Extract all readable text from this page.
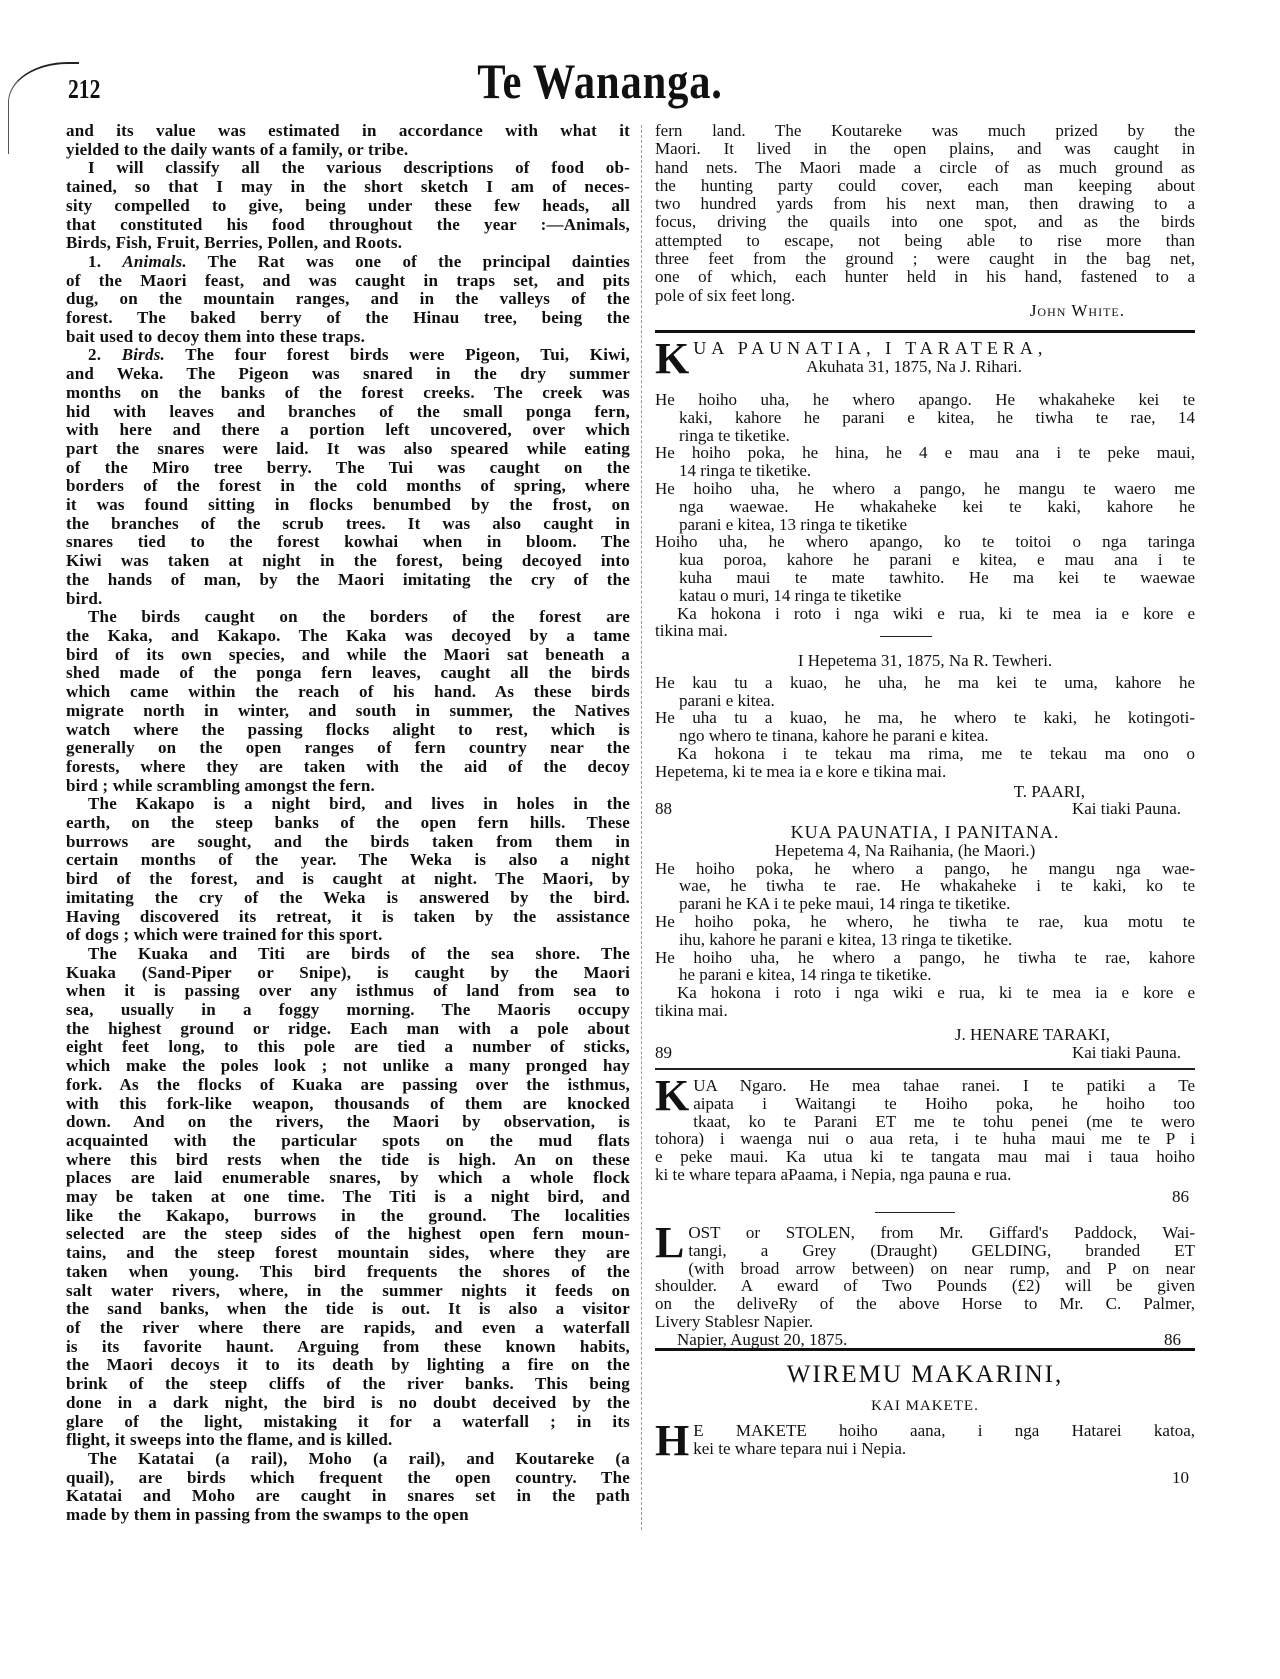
212	Te Wananga.
and its value was estimated in accordance with what it
yielded to the daily wants of a family, or tribe.
I will classify all the various descriptions of food ob-
tained, so that I may in the short sketch I am of neces-
sity compelled to give, being under these few heads, all
that constituted his food throughout the year :—Animals,
Birds, Fish, Fruit, Berries, Pollen, and Roots.
1. Animals. The Rat was one of the principal dainties
of the Maori feast, and was caught in traps set, and pits
dug, on the mountain ranges, and in the valleys of the
forest. The baked berry of the Hinau tree, being the
bait used to decoy them into these traps.
2. Birds. The four forest birds were Pigeon, Tui, Kiwi,
and Weka. The Pigeon was snared in the dry summer
months on the banks of the forest creeks. The creek was
hid with leaves and branches of the small ponga fern,
with here and there a portion left uncovered, over which
part the snares were laid. It was also speared while eating
of the Miro tree berry. The Tui was caught on the
borders of the forest in the cold months of spring, where
it was found sitting in flocks benumbed by the frost, on
the branches of the scrub trees. It was also caught in
snares tied to the forest kowhai when in bloom. The
Kiwi was taken at night in the forest, being decoyed into
the hands of man, by the Maori imitating the cry of the
bird.
The birds caught on the borders of the forest are
the Kaka, and Kakapo. The Kaka was decoyed by a tame
bird of its own species, and while the Maori sat beneath a
shed made of the ponga fern leaves, caught all the birds
which came within the reach of his hand. As these birds
migrate north in winter, and south in summer, the Natives
watch where the passing flocks alight to rest, which is
generally on the open ranges of fern country near the
forests, where they are taken with the aid of the decoy
bird ; while scrambling amongst the fern.
The Kakapo is a night bird, and lives in holes in the
earth, on the steep banks of the open fern hills. These
burrows are sought, and the birds taken from them in
certain months of the year. The Weka is also a night
bird of the forest, and is caught at night. The Maori, by
imitating the cry of the Weka is answered by the bird.
Having discovered its retreat, it is taken by the assistance
of dogs ; which were trained for this sport.
The Kuaka and Titi are birds of the sea shore. The
Kuaka (Sand-Piper or Snipe), is caught by the Maori
when it is passing over any isthmus of land from sea to
sea, usually in a foggy morning. The Maoris occupy
the highest ground or ridge. Each man with a pole about
eight feet long, to this pole are tied a number of sticks,
which make the poles look ; not unlike a many pronged hay
fork. As the flocks of Kuaka are passing over the isthmus,
with this fork-like weapon, thousands of them are knocked
down. And on the rivers, the Maori by observation, is
acquainted with the particular spots on the mud flats
where this bird rests when the tide is high. An on these
places are laid enumerable snares, by which a whole flock
may be taken at one time. The Titi is a night bird, and
like the Kakapo, burrows in the ground. The localities
selected are the steep sides of the highest open fern moun-
tains, and the steep forest mountain sides, where they are
taken when young. This bird frequents the shores of the
salt water rivers, where, in the summer nights it feeds on
the sand banks, when the tide is out. It is also a visitor
of the river where there are rapids, and even a waterfall
is its favorite haunt. Arguing from these known habits,
the Maori decoys it to its death by lighting a fire on the
brink of the steep cliffs of the river banks. This being
done in a dark night, the bird is no doubt deceived by the
glare of the light, mistaking it for a waterfall ; in its
flight, it sweeps into the flame, and is killed.
The Katatai (a rail), Moho (a rail), and Koutareke (a
quail), are birds which frequent the open country. The
Katatai and Moho are caught in snares set in the path
made by them in passing from the swamps to the open
fern land. The Koutareke was much prized by the
Maori. It lived in the open plains, and was caught in
hand nets. The Maori made a circle of as much ground as
the hunting party could cover, each man keeping about
two hundred yards from his next man, then drawing to a
focus, driving the quails into one spot, and as the birds
attempted to escape, not being able to rise more than
three feet from the ground ; were caught in the bag net,
one of which, each hunter held in his hand, fastened to a
pole of six feet long.
John White.
K UA PAUNATIA, I TARATERA,
Akuhata 31, 1875, Na J. Rihari.
He hoiho uha, he whero apango. He whakaheke kei te
kaki, kahore he parani e kitea, he tiwha te rae, 14
ringa te tiketike.
He hoiho poka, he hina, he 4 e mau ana i te peke maui,
14 ringa te tiketike.
He hoiho uha, he whero a pango, he mangu te waero me
nga waewae. He whakaheke kei te kaki, kahore he
parani e kitea, 13 ringa te tiketike
Hoiho uha, he whero apango, ko te toitoi o nga taringa
kua poroa, kahore he parani e kitea, e mau ana i te
kuha maui te mate tawhito. He ma kei te waewae
katau o muri, 14 ringa te tiketike
Ka hokona i roto i nga wiki e rua, ki te mea ia e kore e
tikina mai.
I Hepetema 31, 1875, Na R. Tewheri.
He kau tu a kuao, he uha, he ma kei te uma, kahore he
parani e kitea.
He uha tu a kuao, he ma, he whero te kaki, he kotingoti-
ngo whero te tinana, kahore he parani e kitea.
Ka hokona i te tekau ma rima, me te tekau ma ono o
Hepetema, ki te mea ia e kore e tikina mai.
T. PAARI,
88	Kai tiaki Pauna.
KUA PAUNATIA, I PANITANA.
Hepetema 4, Na Raihania, (he Maori.)
He hoiho poka, he whero a pango, he mangu nga wae-
wae, he tiwha te rae. He whakaheke i te kaki, ko te
parani he KA i te peke maui, 14 ringa te tiketike.
He hoiho poka, he whero, he tiwha te rae, kua motu te
ihu, kahore he parani e kitea, 13 ringa te tiketike.
He hoiho uha, he whero a pango, he tiwha te rae, kahore
he parani e kitea, 14 ringa te tiketike.
Ka hokona i roto i nga wiki e rua, ki te mea ia e kore e
tikina mai.
J. HENARE TARAKI,
89	Kai tiaki Pauna.
K UA Ngaro. He mea tahae ranei. I te patiki a Te
aipata i Waitangi te Hoiho poka, he hoiho too
tkaat, ko te Parani ET me te tohu penei (me te wero
tohora) i waenga nui o aua reta, i te huha maui me te P i
e peke maui. Ka utua ki te tangata mau mai i taua hoiho
ki te whare tepara aPaama, i Nepia, nga pauna e rua.
86
L OST or STOLEN, from Mr. Giffard's Paddock, Wai-
tangi, a Grey (Draught) GELDING, branded ET
(with broad arrow between) on near rump, and P on near
shoulder. A eward of Two Pounds (£2) will be given
on the deliveRy of the above Horse to Mr. C. Palmer,
Livery Stablesr Napier.
Napier, August 20, 1875.	86
WIREMU MAKARINI,
KAI MAKETE.
H E MAKETE hoiho aana, i nga Hatarei katoa,
kei te whare tepara nui i Nepia.
10
